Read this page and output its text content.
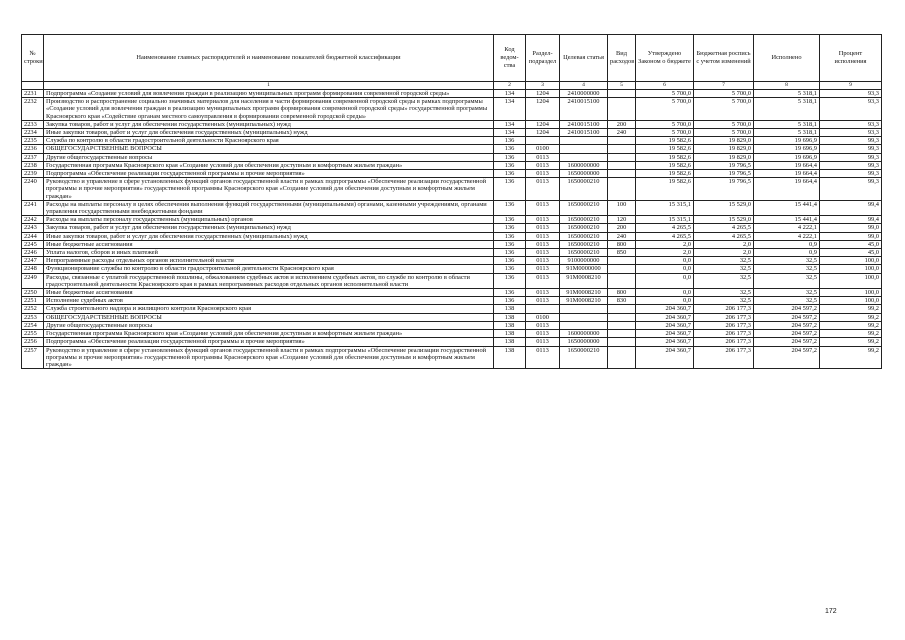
№ строки	Наименование главных распорядителей и наименование показателей бюджетной классификации	Код ведом-ства	Раздел-подраздел	Целевая статья	Вид расходов	Утверждено Законом о бюджете	Бюджетная роспись с учетом изменений	Исполнено	Процент исполнения
	1	2	3	4	5	6	7	8	9
2231	Подпрограмма «Создание условий для вовлечения граждан в реализацию муниципальных программ формирования современной городской среды»	134	1204	2410000000		5 700,0	5 700,0	5 318,1	93,3
2232	Производство и распространение социально значимых материалов для населения в части формирования современной городской среды в рамках подпрограммы «Создание условий для вовлечения граждан в реализацию муниципальных программ формирования современной городской среды» государственной программы Красноярского края «Содействие органам местного самоуправления в формировании современной городской среды»	134	1204	2410015100		5 700,0	5 700,0	5 318,1	93,3
2233	Закупка товаров, работ и услуг для обеспечения государственных (муниципальных) нужд	134	1204	2410015100	200	5 700,0	5 700,0	5 318,1	93,3
2234	Иные закупки товаров, работ и услуг для обеспечения государственных (муниципальных) нужд	134	1204	2410015100	240	5 700,0	5 700,0	5 318,1	93,3
2235	Служба по контролю в области градостроительной деятельности Красноярского края	136				19 582,6	19 829,0	19 696,9	99,3
2236	ОБЩЕГОСУДАРСТВЕННЫЕ ВОПРОСЫ	136	0100			19 582,6	19 829,0	19 696,9	99,3
2237	Другие общегосударственные вопросы	136	0113			19 582,6	19 829,0	19 696,9	99,3
2238	Государственная программа Красноярского края «Создание условий для обеспечения доступным и комфортным жильем граждан»	136	0113	1600000000		19 582,6	19 796,5	19 664,4	99,3
2239	Подпрограмма «Обеспечение реализации государственной программы и прочие мероприятия»	136	0113	1650000000		19 582,6	19 796,5	19 664,4	99,3
2240	Руководство и управление в сфере установленных функций органов государственной власти в рамках подпрограммы «Обеспечение реализации государственной программы и прочие мероприятия» государственной программы Красноярского края «Создание условий для обеспечения доступным и комфортным жильем граждан»	136	0113	1650000210		19 582,6	19 796,5	19 664,4	99,3
2241	Расходы на выплаты персоналу в целях обеспечения выполнения функций государственными (муниципальными) органами, казенными учреждениями, органами управления государственными внебюджетными фондами	136	0113	1650000210	100	15 315,1	15 529,0	15 441,4	99,4
2242	Расходы на выплаты персоналу государственных (муниципальных) органов	136	0113	1650000210	120	15 315,1	15 529,0	15 441,4	99,4
2243	Закупка товаров, работ и услуг для обеспечения государственных (муниципальных) нужд	136	0113	1650000210	200	4 265,5	4 265,5	4 222,1	99,0
2244	Иные закупки товаров, работ и услуг для обеспечения государственных (муниципальных) нужд	136	0113	1650000210	240	4 265,5	4 265,5	4 222,1	99,0
2245	Иные бюджетные ассигнования	136	0113	1650000210	800	2,0	2,0	0,9	45,0
2246	Уплата налогов, сборов и иных платежей	136	0113	1650000210	850	2,0	2,0	0,9	45,0
2247	Непрограммные расходы отдельных органов исполнительной власти	136	0113	9100000000		0,0	32,5	32,5	100,0
2248	Функционирование службы по контролю в области градостроительной деятельности Красноярского края	136	0113	91М0000000		0,0	32,5	32,5	100,0
2249	Расходы, связанные с уплатой государственной пошлины, обжалованием судебных актов и исполнением судебных актов, по службе по контролю в области градостроительной деятельности Красноярского края в рамках непрограммных расходов отдельных органов исполнительной власти	136	0113	91М0008210		0,0	32,5	32,5	100,0
2250	Иные бюджетные ассигнования	136	0113	91М0008210	800	0,0	32,5	32,5	100,0
2251	Исполнение судебных актов	136	0113	91М0008210	830	0,0	32,5	32,5	100,0
2252	Служба строительного надзора и жилищного контроля Красноярского края	138				204 360,7	206 177,3	204 597,2	99,2
2253	ОБЩЕГОСУДАРСТВЕННЫЕ ВОПРОСЫ	138	0100			204 360,7	206 177,3	204 597,2	99,2
2254	Другие общегосударственные вопросы	138	0113			204 360,7	206 177,3	204 597,2	99,2
2255	Государственная программа Красноярского края «Создание условий для обеспечения доступным и комфортным жильем граждан»	138	0113	1600000000		204 360,7	206 177,3	204 597,2	99,2
2256	Подпрограмма «Обеспечение реализации государственной программы и прочие мероприятия»	138	0113	1650000000		204 360,7	206 177,3	204 597,2	99,2
2257	Руководство и управление в сфере установленных функций органов государственной власти в рамках подпрограммы «Обеспечение реализации государственной программы и прочие мероприятия» государственной программы Красноярского края «Создание условий для обеспечения доступным и комфортным жильем граждан»	138	0113	1650000210		204 360,7	206 177,3	204 597,2	99,2
172
